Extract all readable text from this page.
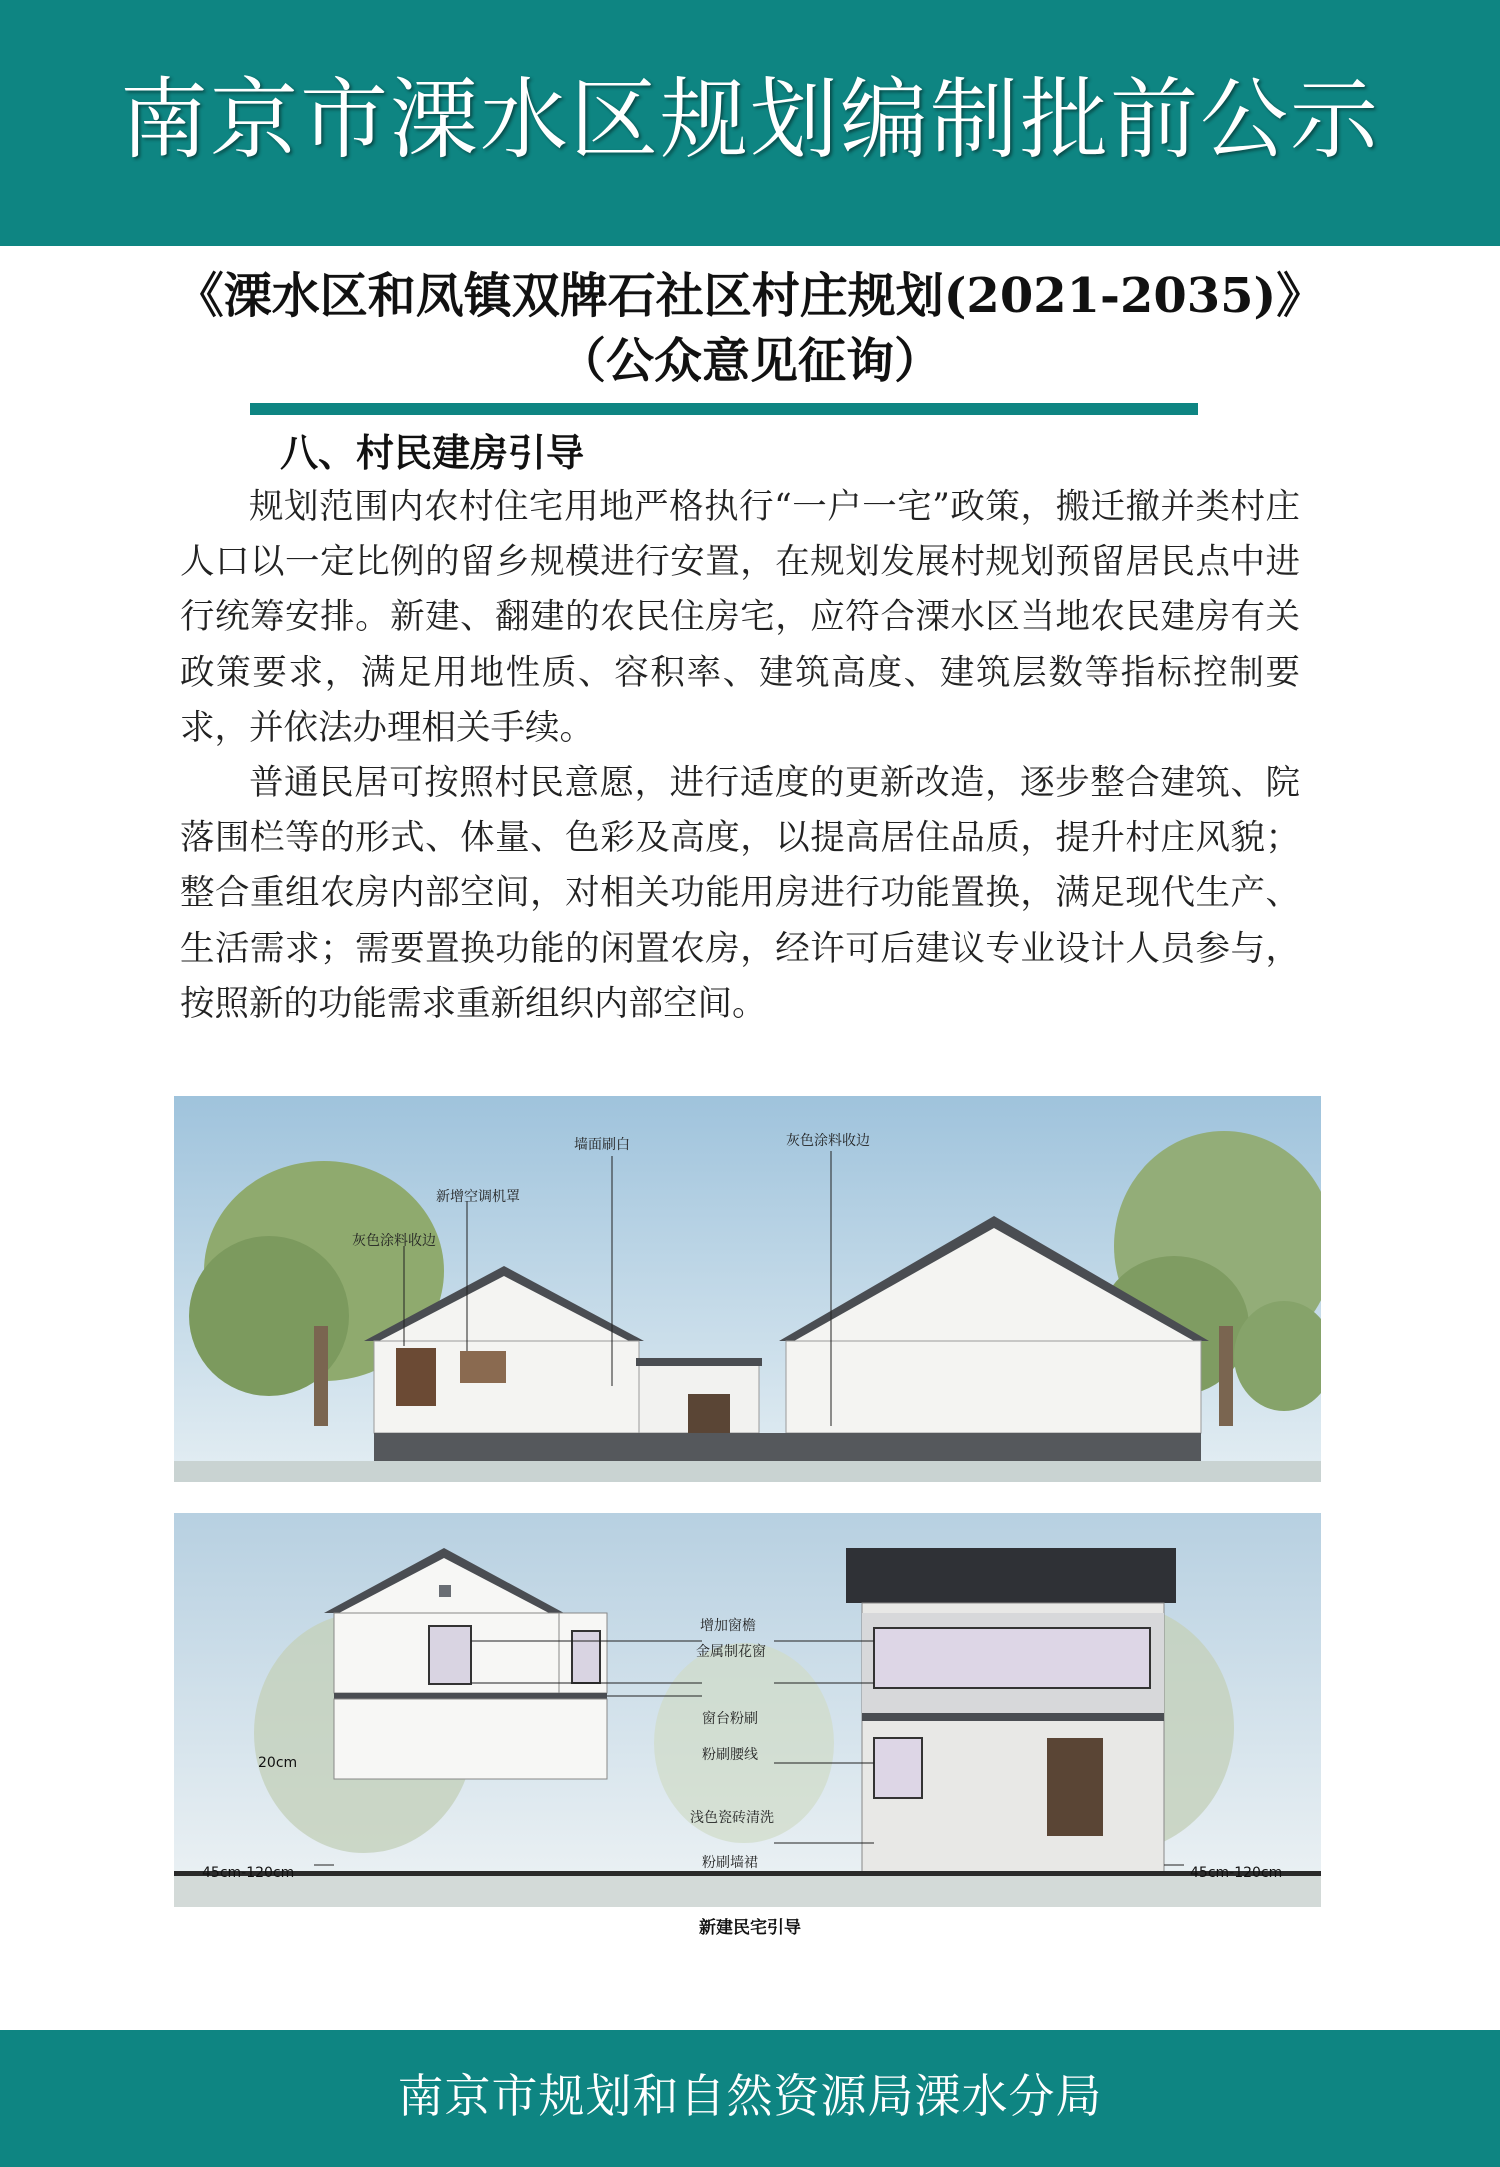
南京市溧水区规划编制批前公示
《溧水区和凤镇双牌石社区村庄规划(2021-2035)》
（公众意见征询）
八、村民建房引导

规划范围内农村住宅用地严格执行“一户一宅”政策，搬迁撤并类村庄人口以一定比例的留乡规模进行安置，在规划发展村规划预留居民点中进行统筹安排。新建、翻建的农民住房宅，应符合溧水区当地农民建房有关政策要求，满足用地性质、容积率、建筑高度、建筑层数等指标控制要求，并依法办理相关手续。

普通民居可按照村民意愿，进行适度的更新改造，逐步整合建筑、院落围栏等的形式、体量、色彩及高度，以提高居住品质，提升村庄风貌；整合重组农房内部空间，对相关功能用房进行功能置换，满足现代生产、生活需求；需要置换功能的闲置农房，经许可后建议专业设计人员参与，按照新的功能需求重新组织内部空间。

墙面刷白	灰色涂料收边
新增空调机罩
灰色涂料收边
增加窗檐
金属制花窗
窗台粉刷
粉刷腰线
浅色瓷砖清洗
粉刷墙裙
20cm
45cm-120cm	45cm-120cm
新建民宅引导
南京市规划和自然资源局溧水分局
